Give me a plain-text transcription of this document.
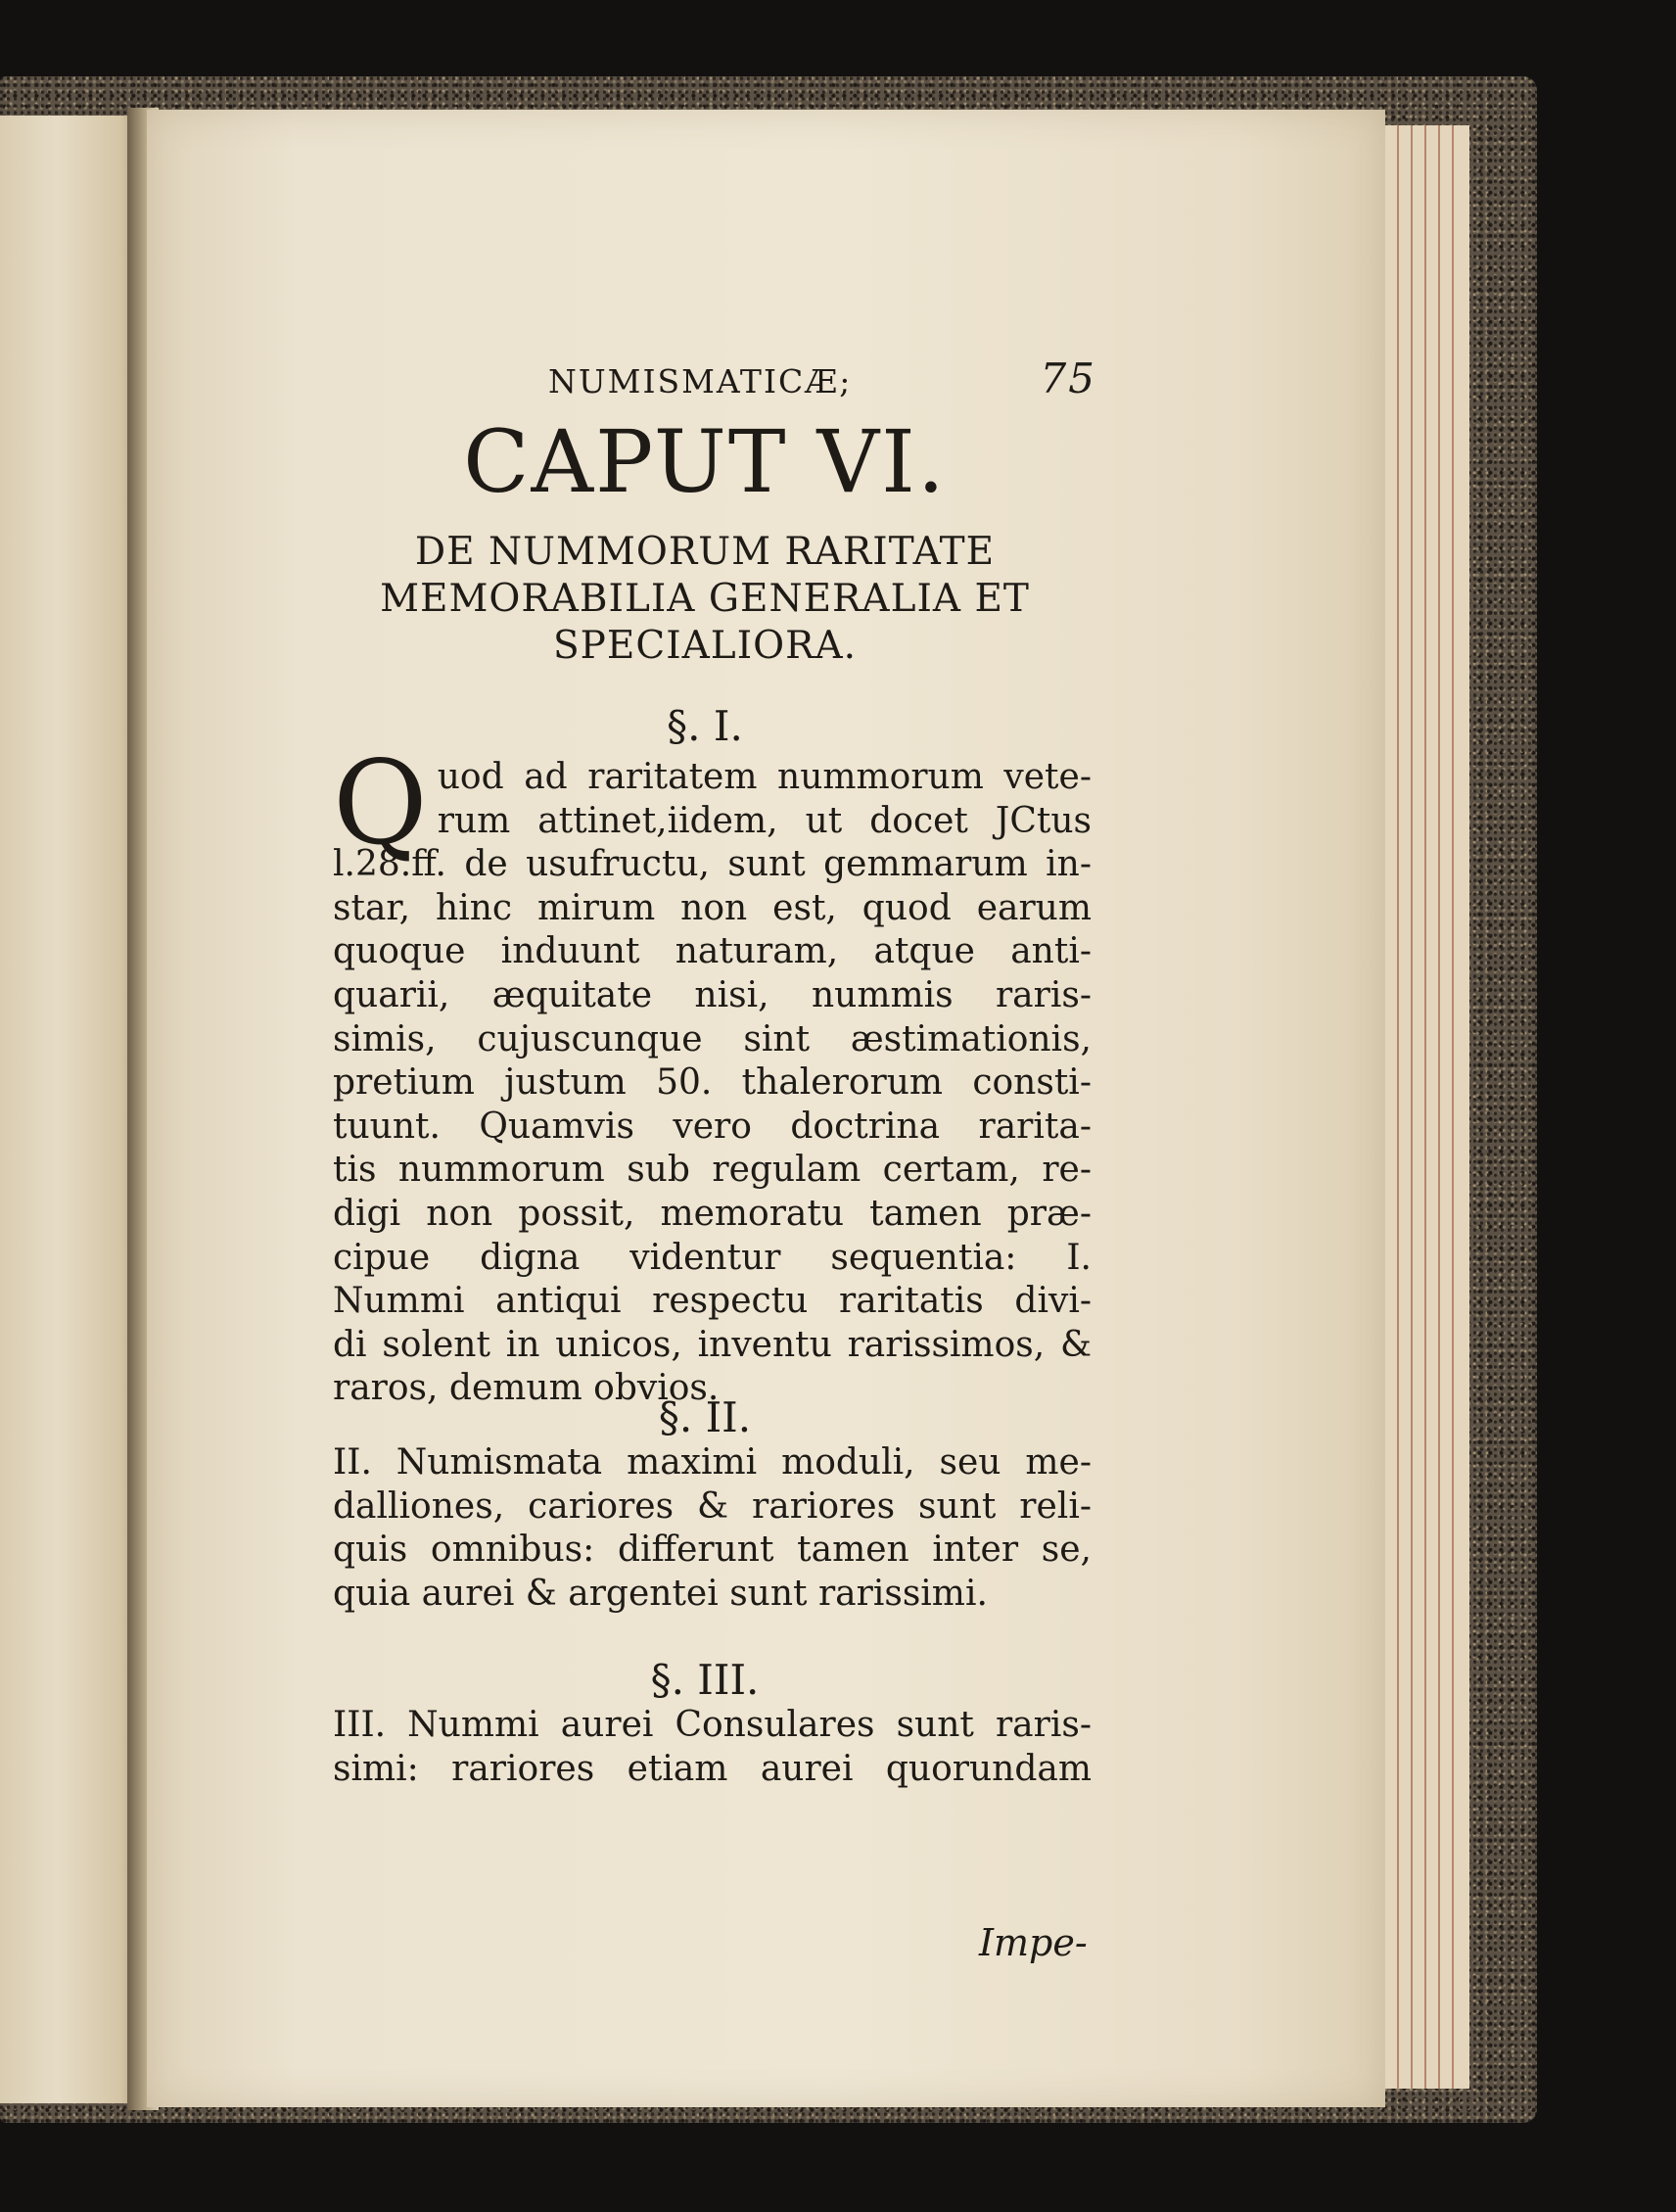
NUMISMATICÆ;	75
CAPUT VI.
DE NUMMORUM RARITATE
MEMORABILIA GENERALIA ET
SPECIALIORA.
§. I.
Q uod ad raritatem nummorum vete-
rum attinet,iidem, ut docet JCtus
l.28.ff. de usufructu, sunt gemmarum in-
star, hinc mirum non est, quod earum
quoque induunt naturam, atque anti-
quarii, æquitate nisi, nummis raris-
simis, cujuscunque sint æstimationis,
pretium justum 50. thalerorum consti-
tuunt. Quamvis vero doctrina rarita-
tis nummorum sub regulam certam, re-
digi non possit, memoratu tamen præ-
cipue digna videntur sequentia: I.
Nummi antiqui respectu raritatis divi-
di solent in unicos, inventu rarissimos, &
raros, demum obvios.
§. II.
II. Numismata maximi moduli, seu me-
dalliones, cariores & rariores sunt reli-
quis omnibus: differunt tamen inter se,
quia aurei & argentei sunt rarissimi.
§. III.
III. Nummi aurei Consulares sunt raris-
simi: rariores etiam aurei quorundam
Impe-
